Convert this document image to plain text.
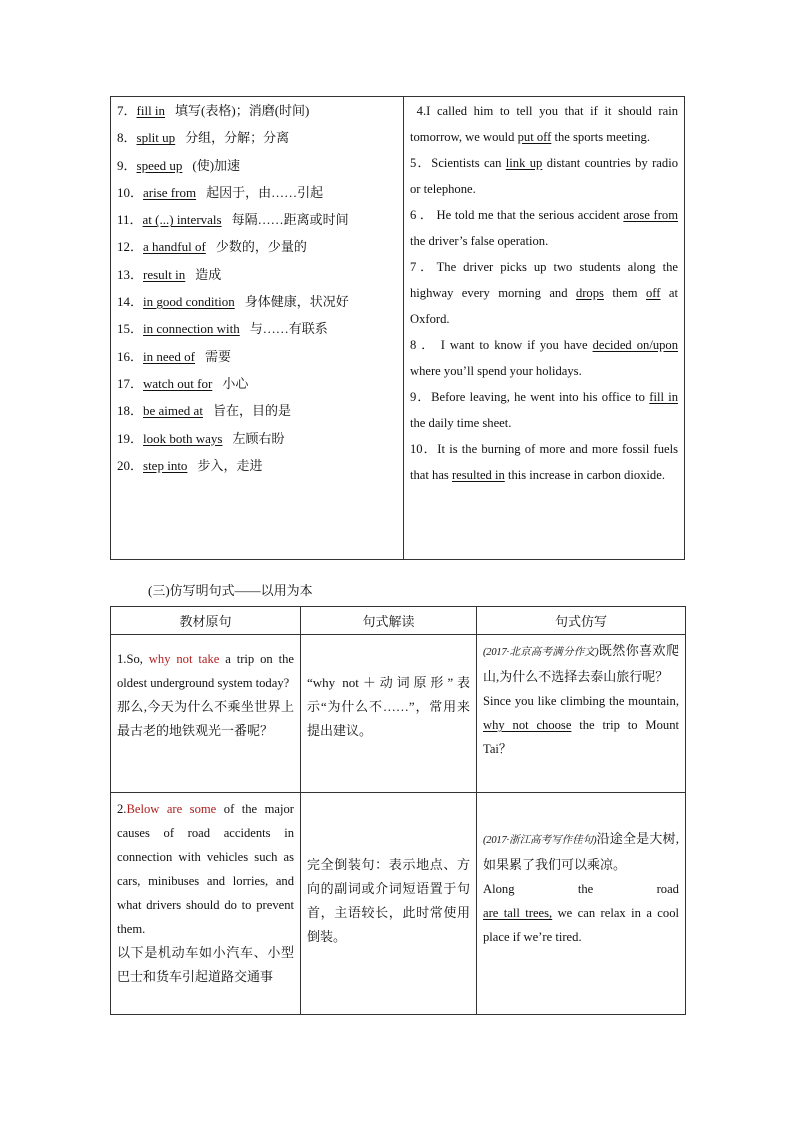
7．fill in 填写(表格)；消磨(时间)
8．split up 分组，分解；分离
9．speed up (使)加速
10．arise from 起因于，由……引起
11．at (...) intervals 每隔……距离或时间
12．a handful of 少数的，少量的
13．result in 造成
14．in good condition 身体健康，状况好
15．in connection with 与……有联系
16．in need of 需要
17．watch out for 小心
18．be aimed at 旨在，目的是
19．look both ways 左顾右盼
20．step into 步入，走进

4.I called him to tell you that if it should rain tomorrow, we would put off the sports meeting.

5．Scientists can link up distant countries by radio or telephone.

6 ． He told me that the serious accident arose from the driver’s false operation.

7．The driver picks up two students along the highway every morning and drops them off at Oxford.

8 ． I want to know if you have decided on/upon where you’ll spend your holidays.

9．Before leaving, he went into his office to fill in the daily time sheet.

10．It is the burning of more and more fossil fuels that has resulted in this increase in carbon dioxide.

(三)仿写明句式——以用为本
教材原句	句式解读	句式仿写
1.So, why not take a trip on the oldest underground system today?
那么,今天为什么不乘坐世界上最古老的地铁观光一番呢？	“why not＋动词原形”表示“为什么不……”，常用来提出建议。	(2017·北京高考满分作文)既然你喜欢爬山,为什么不选择去泰山旅行呢？
Since you like climbing the mountain, why not choose the trip to Mount Tai？
2.Below are some of the major causes of road accidents in connection with vehicles such as cars, minibuses and lorries, and what drivers should do to prevent them.
以下是机动车如小汽车、小型巴士和货车引起道路交通事	完全倒装句：表示地点、方向的副词或介词短语置于句首，主语较长，此时常使用倒装。	(2017·浙江高考写作佳句)沿途全是大树,如果累了我们可以乘凉。

Along the road
are tall trees, we can relax in a cool place if we’re tired.
